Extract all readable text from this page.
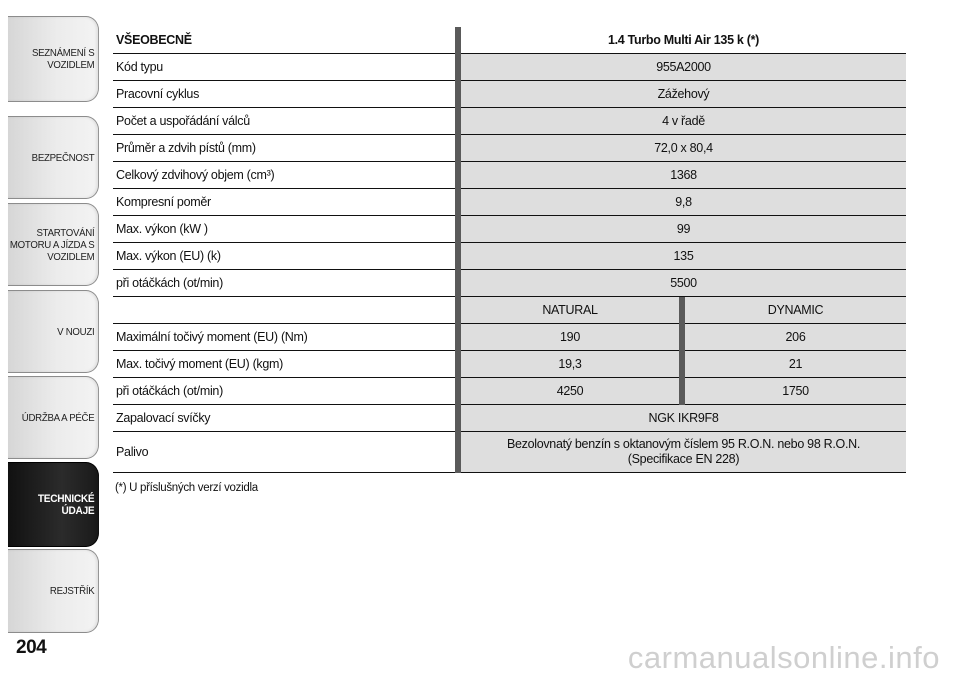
SEZNÁMENÍ S
VOZIDLEM
BEZPEČNOST
STARTOVÁNÍ
MOTORU A JÍZDA S
VOZIDLEM
V NOUZI
ÚDRŽBA A PÉČE
TECHNICKÉ ÚDAJE
REJSTŘÍK
204
VŠEOBECNĚ		1.4 Turbo Multi Air 135 k (*)		
Kód typu		955A2000		
Pracovní cyklus		Zážehový		
Počet a uspořádání válců		4 v řadě		
Průměr a zdvih pístů (mm)		72,0 x 80,4		
Celkový zdvihový objem (cm³)		1368		
Kompresní poměr		9,8		
Max. výkon (kW )		99		
Max. výkon (EU) (k)		135		
při otáčkách (ot/min)		5500		
		NATURAL		DYNAMIC
Maximální točivý moment (EU) (Nm)		190		206
Max. točivý moment (EU) (kgm)		19,3		21
při otáčkách (ot/min)		4250		1750
Zapalovací svíčky		NGK IKR9F8		
Palivo		Bezolovnatý benzín s oktanovým číslem 95 R.O.N. nebo 98 R.O.N.
(Specifikace EN 228)		
(*) U příslušných verzí vozidla
carmanualsonline.info
